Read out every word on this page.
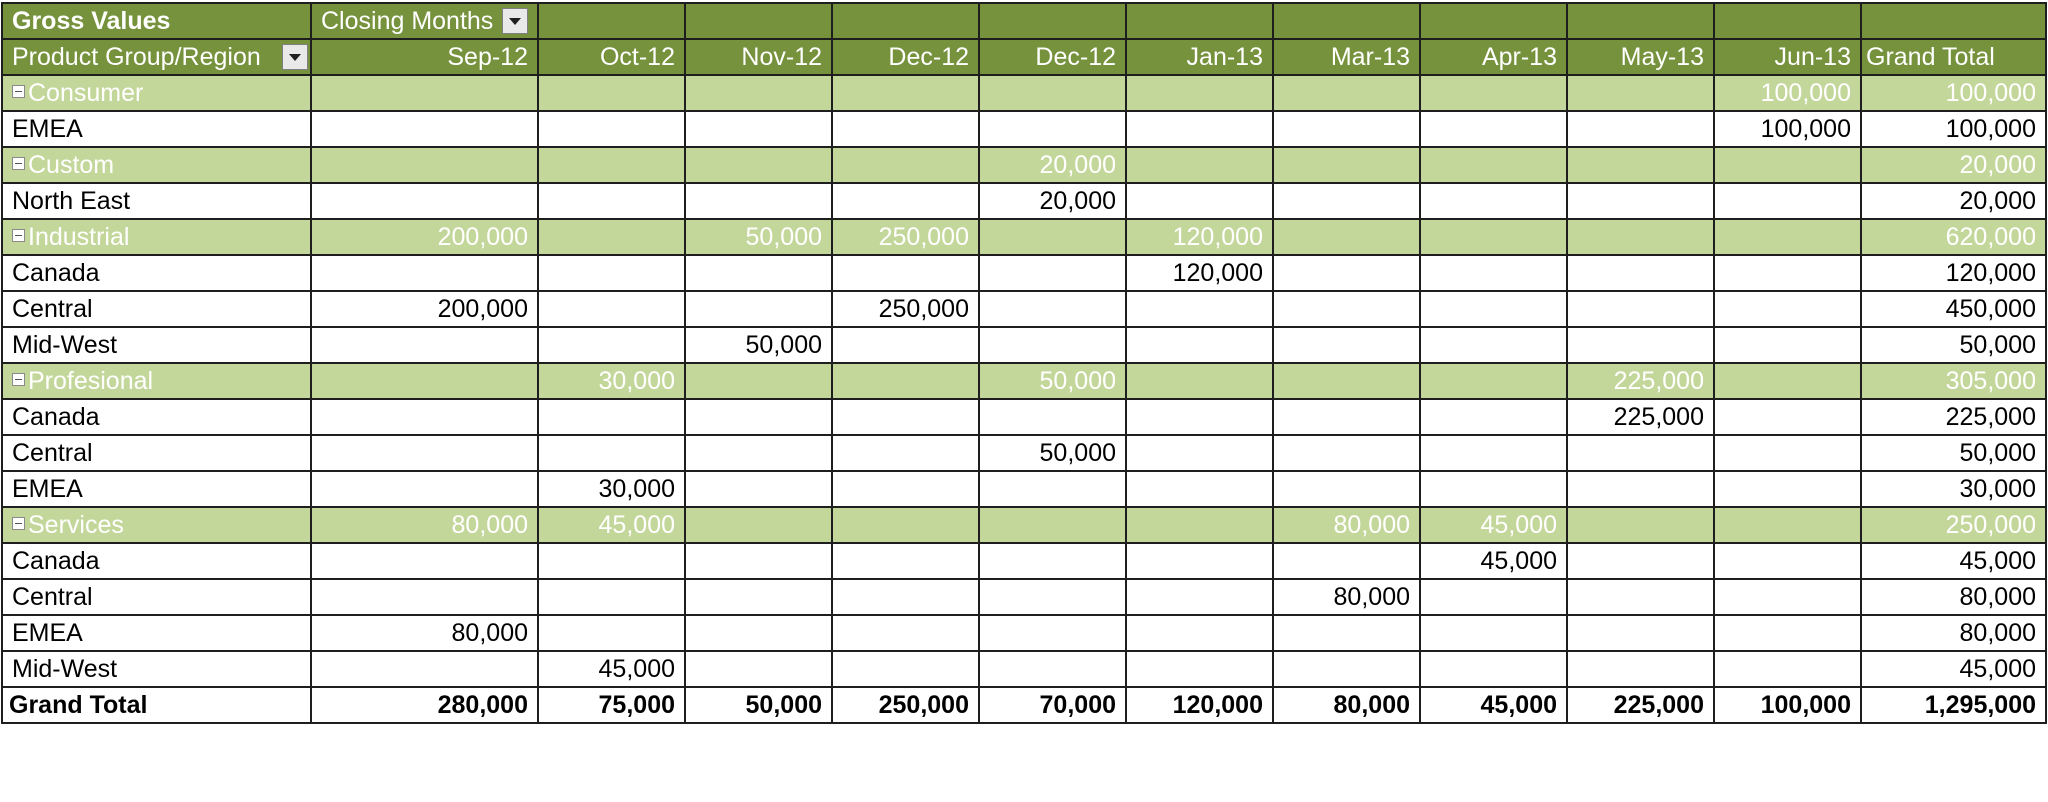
Gross Values	Closing Months										

Product Group/Region	Sep-12	Oct-12	Nov-12	Dec-12	Dec-12	Jan-13	Mar-13	Apr-13	May-13	Jun-13	Grand Total
Consumer										100,000	100,000
EMEA										100,000	100,000
Custom					20,000						20,000
North East					20,000						20,000
Industrial	200,000		50,000	250,000		120,000					620,000
Canada						120,000					120,000
Central	200,000			250,000							450,000
Mid-West			50,000								50,000
Profesional		30,000			50,000				225,000		305,000
Canada									225,000		225,000
Central					50,000						50,000
EMEA		30,000									30,000
Services	80,000	45,000					80,000	45,000			250,000
Canada								45,000			45,000
Central							80,000				80,000
EMEA	80,000										80,000
Mid-West		45,000									45,000
Grand Total	280,000	75,000	50,000	250,000	70,000	120,000	80,000	45,000	225,000	100,000	1,295,000
